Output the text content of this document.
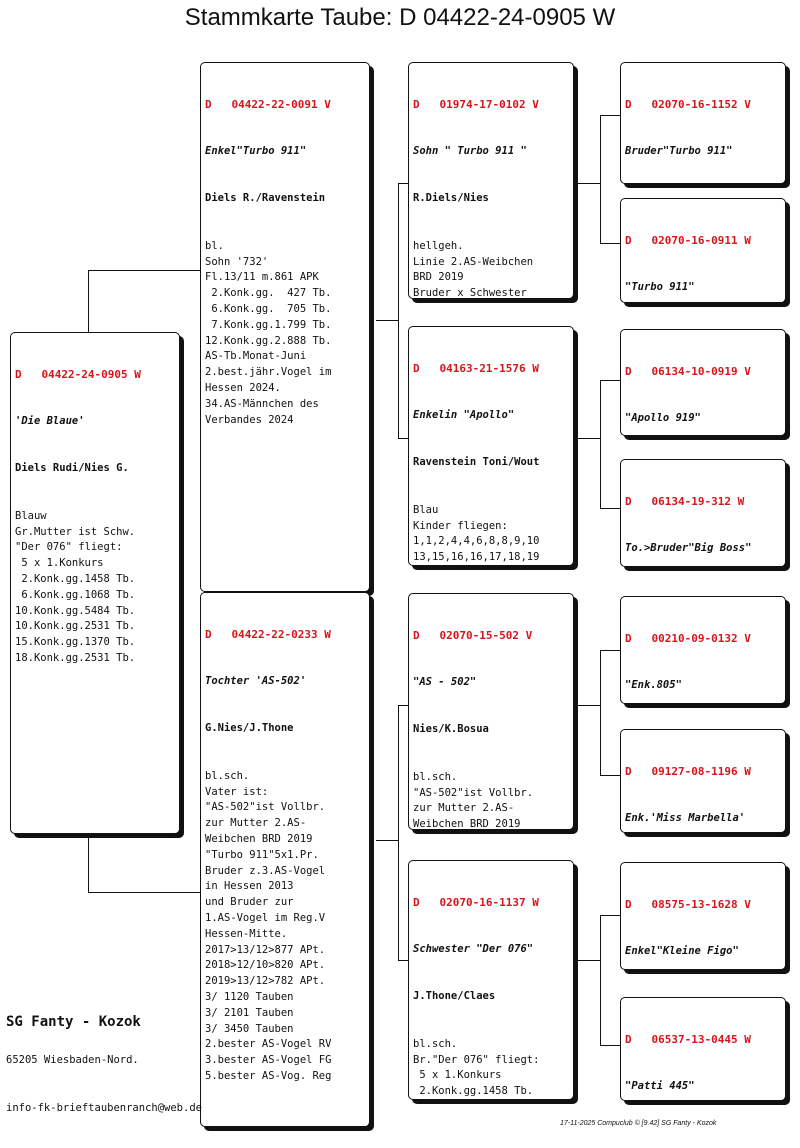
Stammkarte Taube: D 04422-24-0905 W

D   04422-24-0905 W

'Die Blaue'

Diels Rudi/Nies G.

Blauw
Gr.Mutter ist Schw.
"Der 076" fliegt:
5 x 1.Konkurs
2.Konk.gg.1458 Tb.
6.Konk.gg.1068 Tb.
10.Konk.gg.5484 Tb.
10.Konk.gg.2531 Tb.
15.Konk.gg.1370 Tb.
18.Konk.gg.2531 Tb.

D   04422-22-0091 V

Enkel"Turbo 911"

Diels R./Ravenstein

bl.
Sohn '732'
Fl.13/11 m.861 APK
2.Konk.gg.  427 Tb.
6.Konk.gg.  705 Tb.
7.Konk.gg.1.799 Tb.
12.Konk.gg.2.888 Tb.
AS-Tb.Monat-Juni
2.best.jähr.Vogel im
Hessen 2024.
34.AS-Männchen des
Verbandes 2024

D   04422-22-0233 W

Tochter 'AS-502'

G.Nies/J.Thone

bl.sch.
Vater ist:
"AS-502"ist Vollbr.
zur Mutter 2.AS-
Weibchen BRD 2019
"Turbo 911"5x1.Pr.
Bruder z.3.AS-Vogel
in Hessen 2013
und Bruder zur
1.AS-Vogel im Reg.V
Hessen-Mitte.
2017>13/12>877 APt.
2018>12/10>820 APt.
2019>13/12>782 APt.
3/ 1120 Tauben
3/ 2101 Tauben
3/ 3450 Tauben
2.bester AS-Vogel RV
3.bester AS-Vogel FG
5.bester AS-Vog. Reg

D   01974-17-0102 V

Sohn " Turbo 911 "

R.Diels/Nies

hellgeh.
Linie 2.AS-Weibchen
BRD 2019
Bruder x Schwester

D   04163-21-1576 W

Enkelin "Apollo"

Ravenstein Toni/Wout

Blau
Kinder fliegen:
1,1,2,4,4,6,8,8,9,10
13,15,16,16,17,18,19

D   02070-15-502 V

"AS - 502"

Nies/K.Bosua

bl.sch.
"AS-502"ist Vollbr.
zur Mutter 2.AS-
Weibchen BRD 2019

D   02070-16-1137 W

Schwester "Der 076"

J.Thone/Claes

bl.sch.
Br."Der 076" fliegt:
5 x 1.Konkurs
2.Konk.gg.1458 Tb.

D   02070-16-1152 V

Bruder"Turbo 911"

D   02070-16-0911 W

"Turbo 911"

D   06134-10-0919 V

"Apollo 919"

D   06134-19-312 W

To.>Bruder"Big Boss"

D   00210-09-0132 V

"Enk.805"

D   09127-08-1196 W

Enk.'Miss Marbella'

D   08575-13-1628 V

Enkel"Kleine Figo"

D   06537-13-0445 W

"Patti 445"

SG Fanty - Kozok
65205 Wiesbaden-Nord.
info-fk-brieftaubenranch@web.de
17-11-2025 Compuclub © [9.42] SG Fanty - Kozok
